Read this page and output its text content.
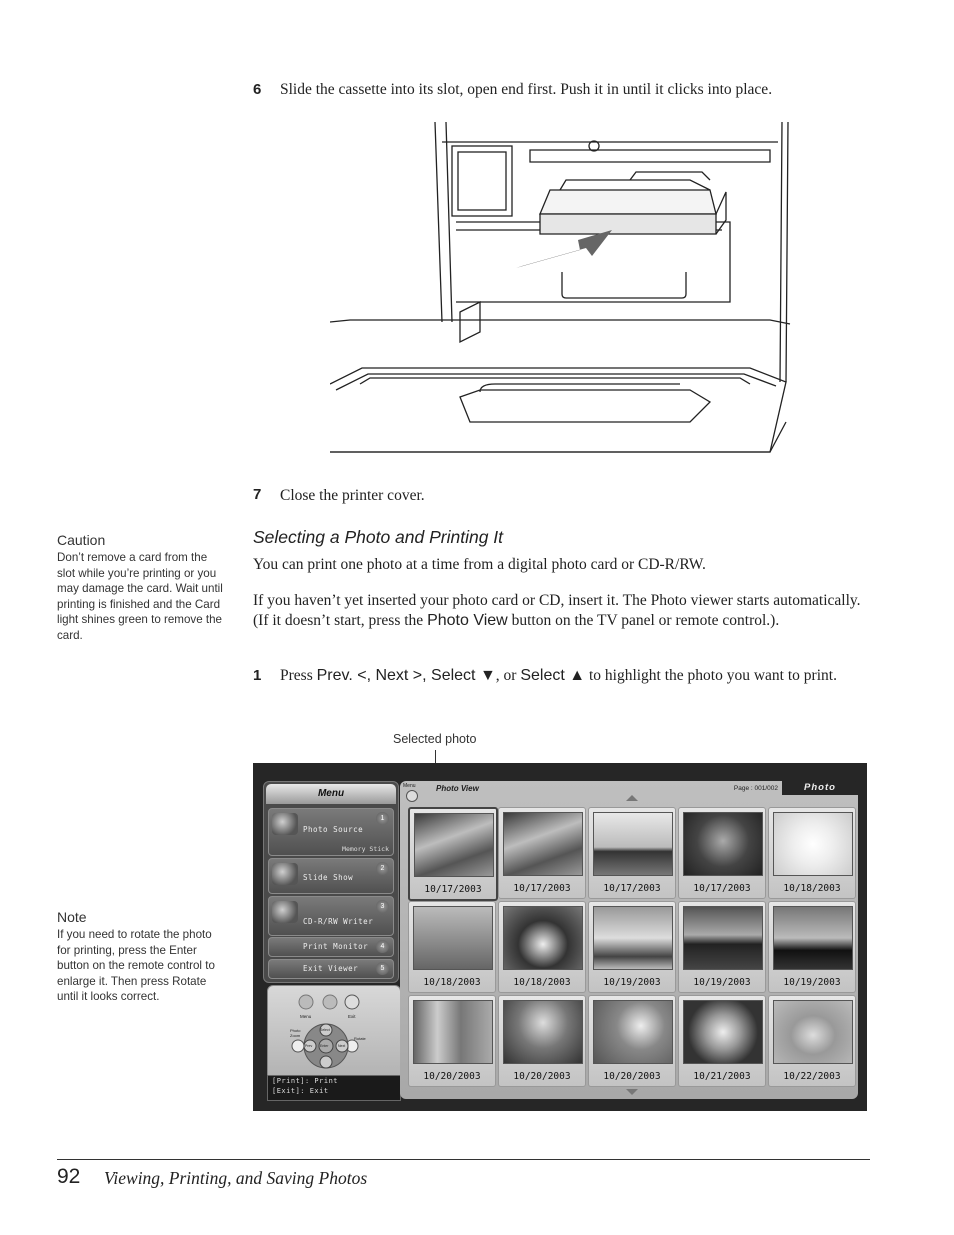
6 Slide the cassette into its slot, open end first. Push it in until it clicks into place.
7 Close the printer cover.
Caution
Don’t remove a card from the slot while you’re printing or you may damage the card. Wait until printing is finished and the Card light shines green to remove the card.
Selecting a Photo and Printing It
You can print one photo at a time from a digital photo card or CD-R/RW.
If you haven’t yet inserted your photo card or CD, insert it. The Photo viewer starts automatically. (If it doesn’t start, press the Photo View button on the TV panel or remote control.).
1 Press Prev. <, Next >, Select ▼, or Select ▲ to highlight the photo you want to print.
Selected photo
Note
If you need to rotate the photo for printing, press the Enter button on the remote control to enlarge it. Then press Rotate until it looks correct.
Menu
Photo Source
1
Memory Stick
Slide Show
2
CD-R/RW Writer
3
Print Monitor	4
Exit Viewer	5
Menu	Exit
Photo Zoom
Rotate
Select
Prev	Next
Enter
[Print]: Print
[Exit]: Exit
Menu	Photo View	Page : 001/002	Photo
10/17/2003	10/17/2003	10/17/2003	10/17/2003	10/18/2003
10/18/2003	10/18/2003	10/19/2003	10/19/2003	10/19/2003
10/20/2003	10/20/2003	10/20/2003	10/21/2003	10/22/2003
92 Viewing, Printing, and Saving Photos
